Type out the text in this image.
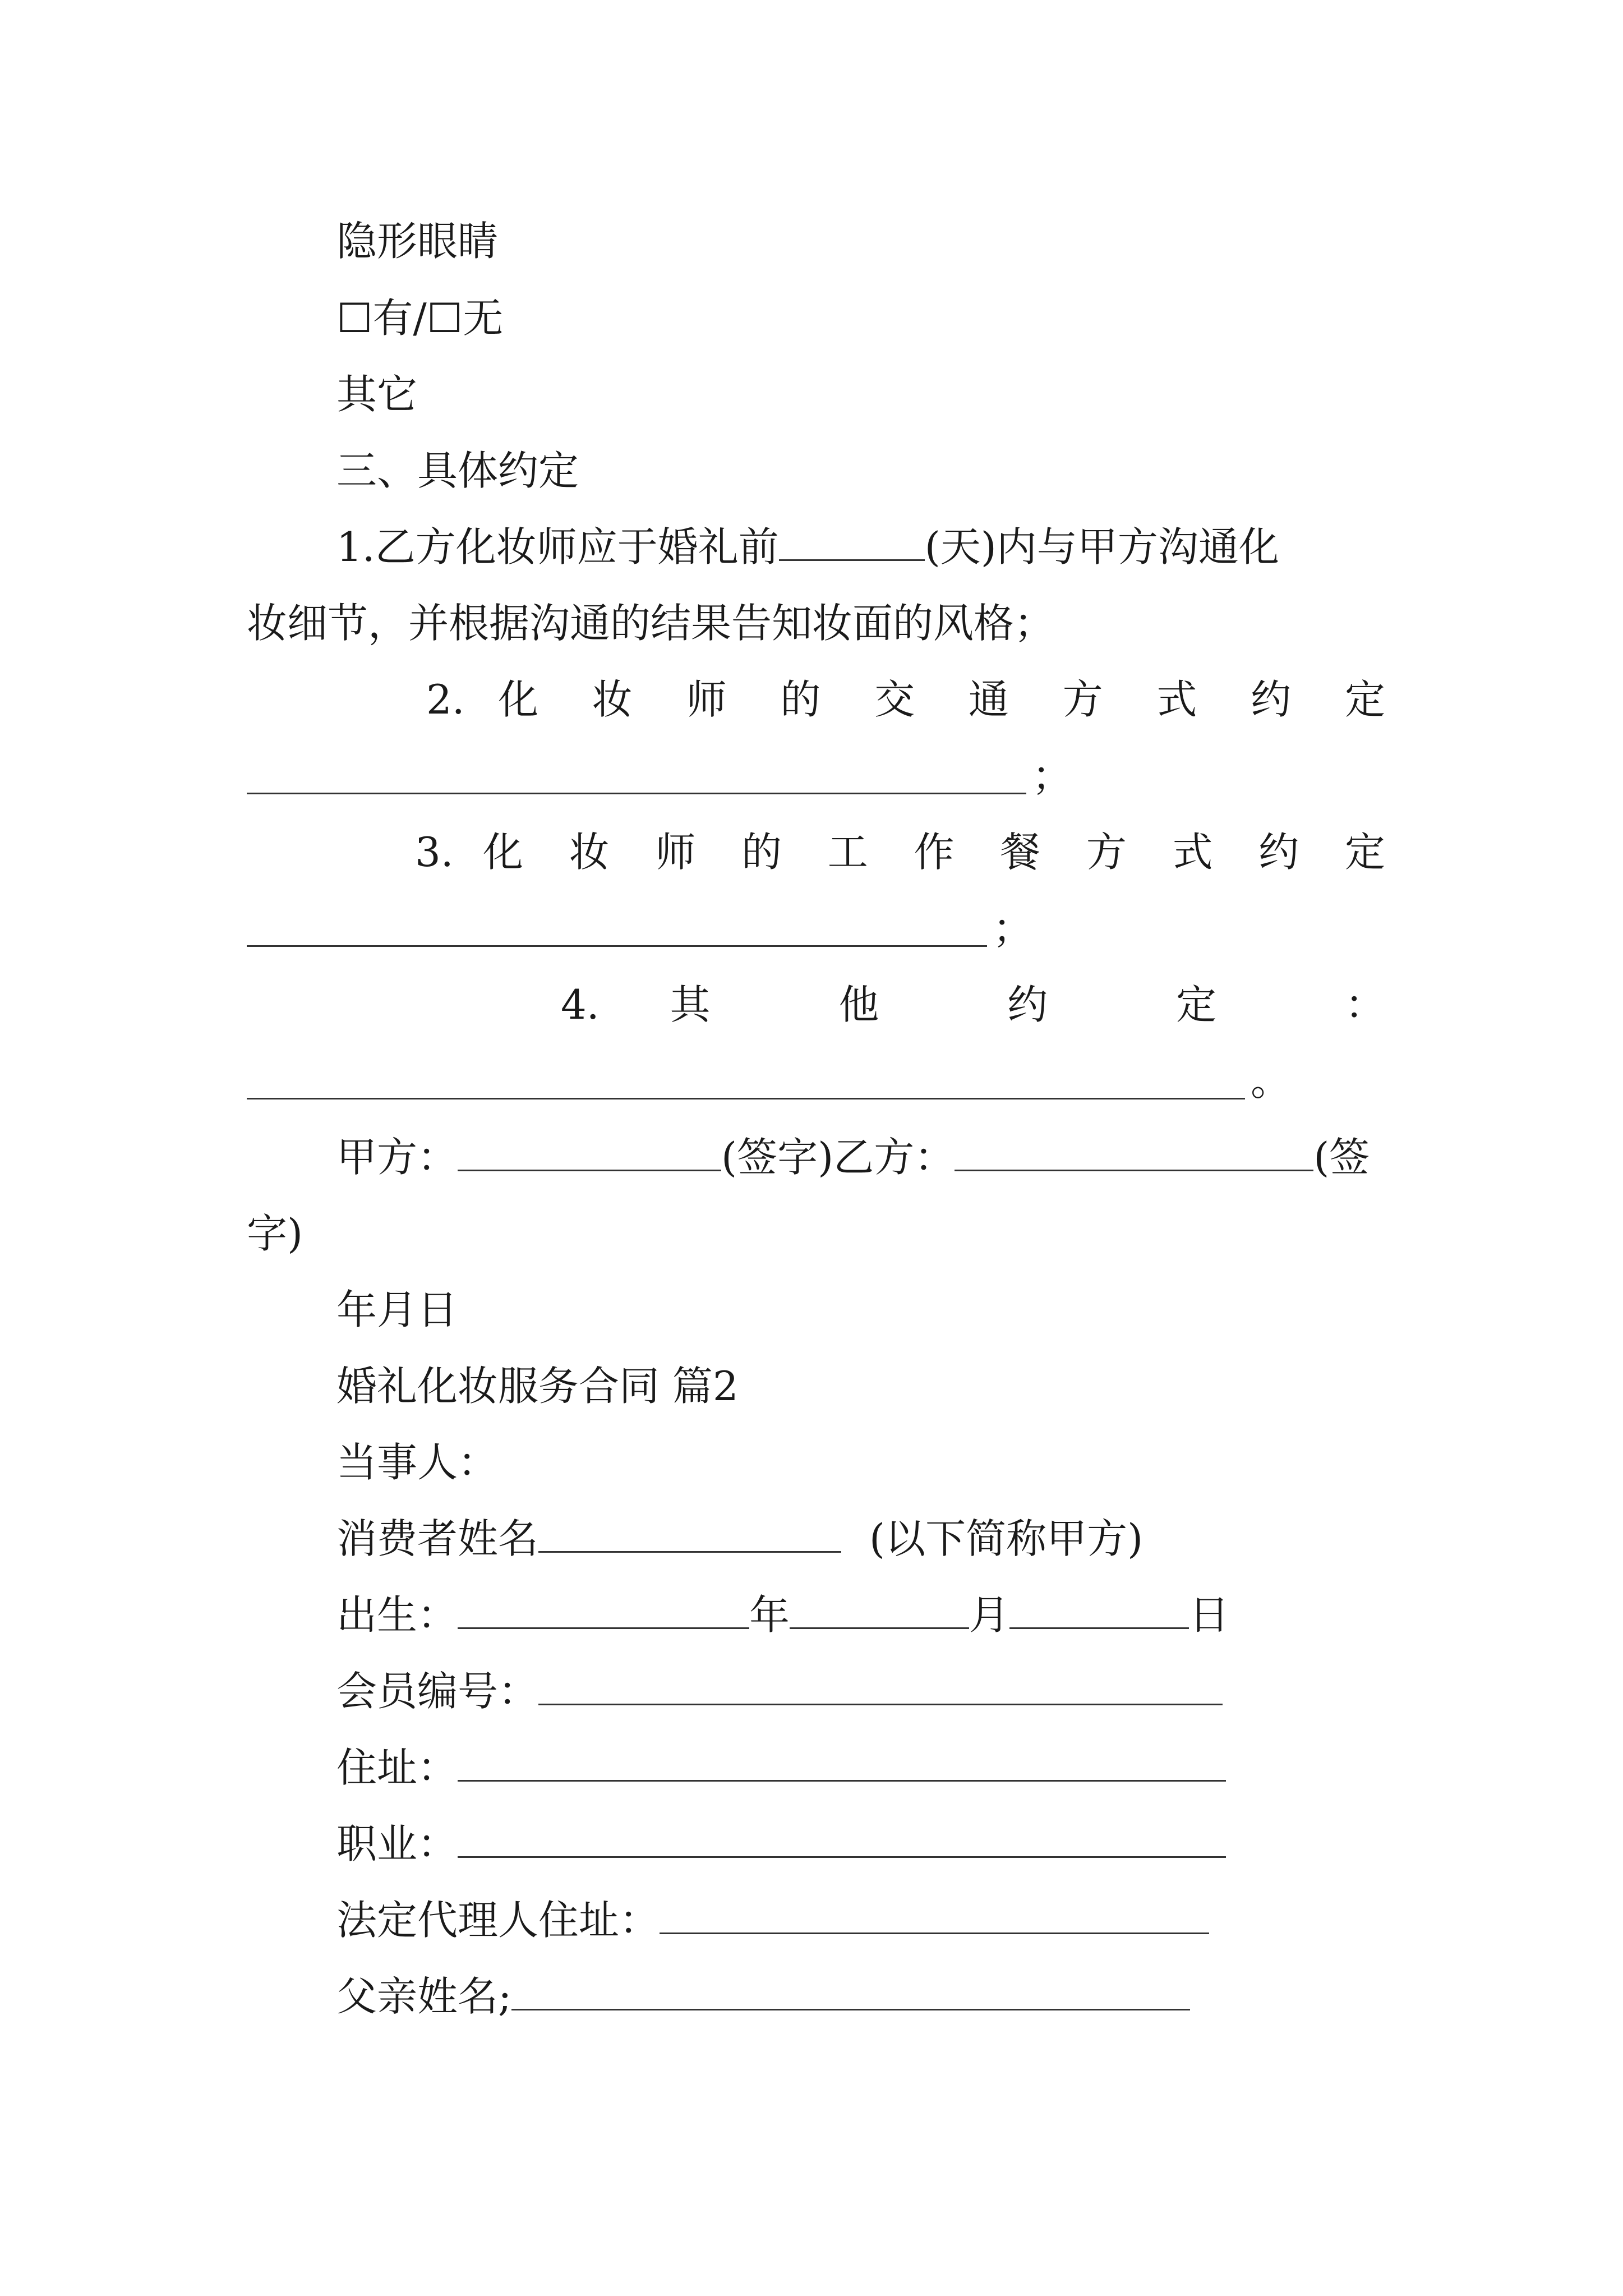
隐形眼睛
☐有/☐无
其它
三、具体约定
1.乙方化妆师应于婚礼前	(天)内与甲方沟通化
妆细节，并根据沟通的结果告知妆面的风格；
2. 化 妆 师 的 交 通 方 式 约 定
；
3. 化 妆 师 的 工 作 餐 方 式 约 定
；
4. 其 他 约 定 ：
。
甲方：	(签字)乙方：	(签
字)
年月日
婚礼化妆服务合同 篇2
当事人：
消费者姓名	(以下简称甲方)
出生：	年	月	日
会员编号：
住址：
职业：
法定代理人住址：
父亲姓名;
